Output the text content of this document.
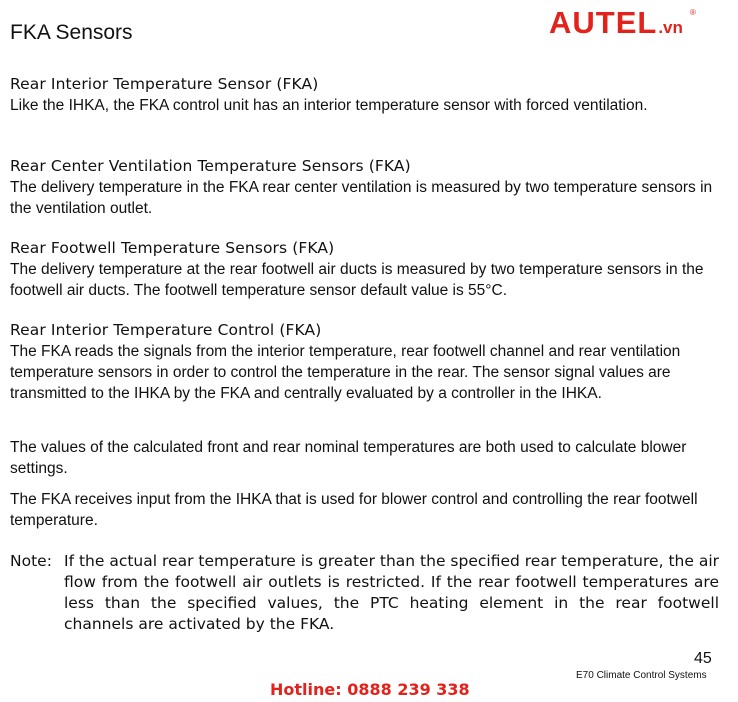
FKA Sensors	AUTEL	®
.vn
Rear Interior Temperature Sensor (FKA)
Like the IHKA, the FKA control unit has an interior temperature sensor with forced ventilation.
Rear Center Ventilation Temperature Sensors (FKA)
The delivery temperature in the FKA rear center ventilation is measured by two temperature sensors in the ventilation outlet.
Rear Footwell Temperature Sensors (FKA)
The delivery temperature at the rear footwell air ducts is measured by two temperature sensors in the footwell air ducts. The footwell temperature sensor default value is 55°C.
Rear Interior Temperature Control (FKA)
The FKA reads the signals from the interior temperature, rear footwell channel and rear ventilation temperature sensors in order to control the temperature in the rear. The sensor signal values are transmitted to the IHKA by the FKA and centrally evaluated by a controller in the IHKA.
The values of the calculated front and rear nominal temperatures are both used to calculate blower settings.
The FKA receives input from the IHKA that is used for blower control and controlling the rear footwell temperature.
Note: If the actual rear temperature is greater than the specified rear temperature, the air flow from the footwell air outlets is restricted. If the rear footwell temperatures are less than the specified values, the PTC heating element in the rear footwell channels are activated by the FKA.
45
E70 Climate Control Systems
Hotline: 0888 239 338
